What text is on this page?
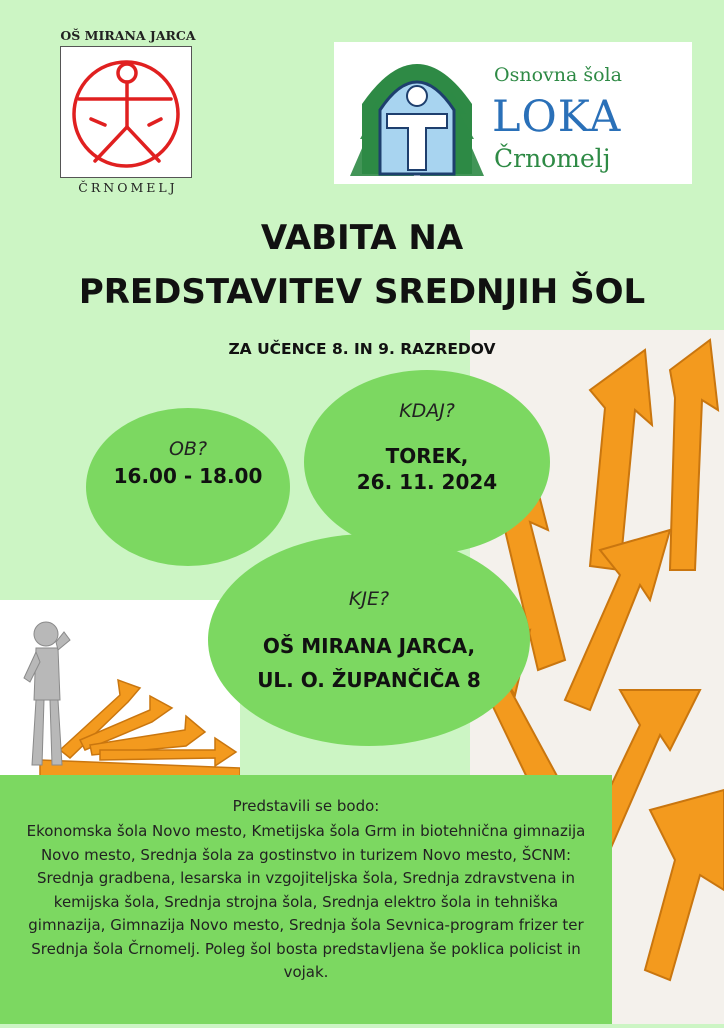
OŠ MIRANA JARCA
ČRNOMELJ
Osnovna šola
LOKA
Črnomelj
VABITA NA
PREDSTAVITEV SREDNJIH ŠOL
ZA UČENCE 8. IN 9. RAZREDOV
KDAJ?
TOREK,
26. 11. 2024
OB?
16.00 - 18.00
KJE?
OŠ MIRANA JARCA,
UL. O. ŽUPANČIČA 8
Predstavili se bodo:
Ekonomska šola Novo mesto, Kmetijska šola Grm in biotehnična gimnazija Novo mesto, Srednja šola za gostinstvo in turizem Novo mesto, ŠCNM: Srednja gradbena, lesarska in vzgojiteljska šola, Srednja zdravstvena in kemijska šola, Srednja strojna šola, Srednja elektro šola in tehniška gimnazija, Gimnazija Novo mesto, Srednja šola Sevnica-program frizer ter Srednja šola Črnomelj. Poleg šol bosta predstavljena še poklica policist in vojak.
